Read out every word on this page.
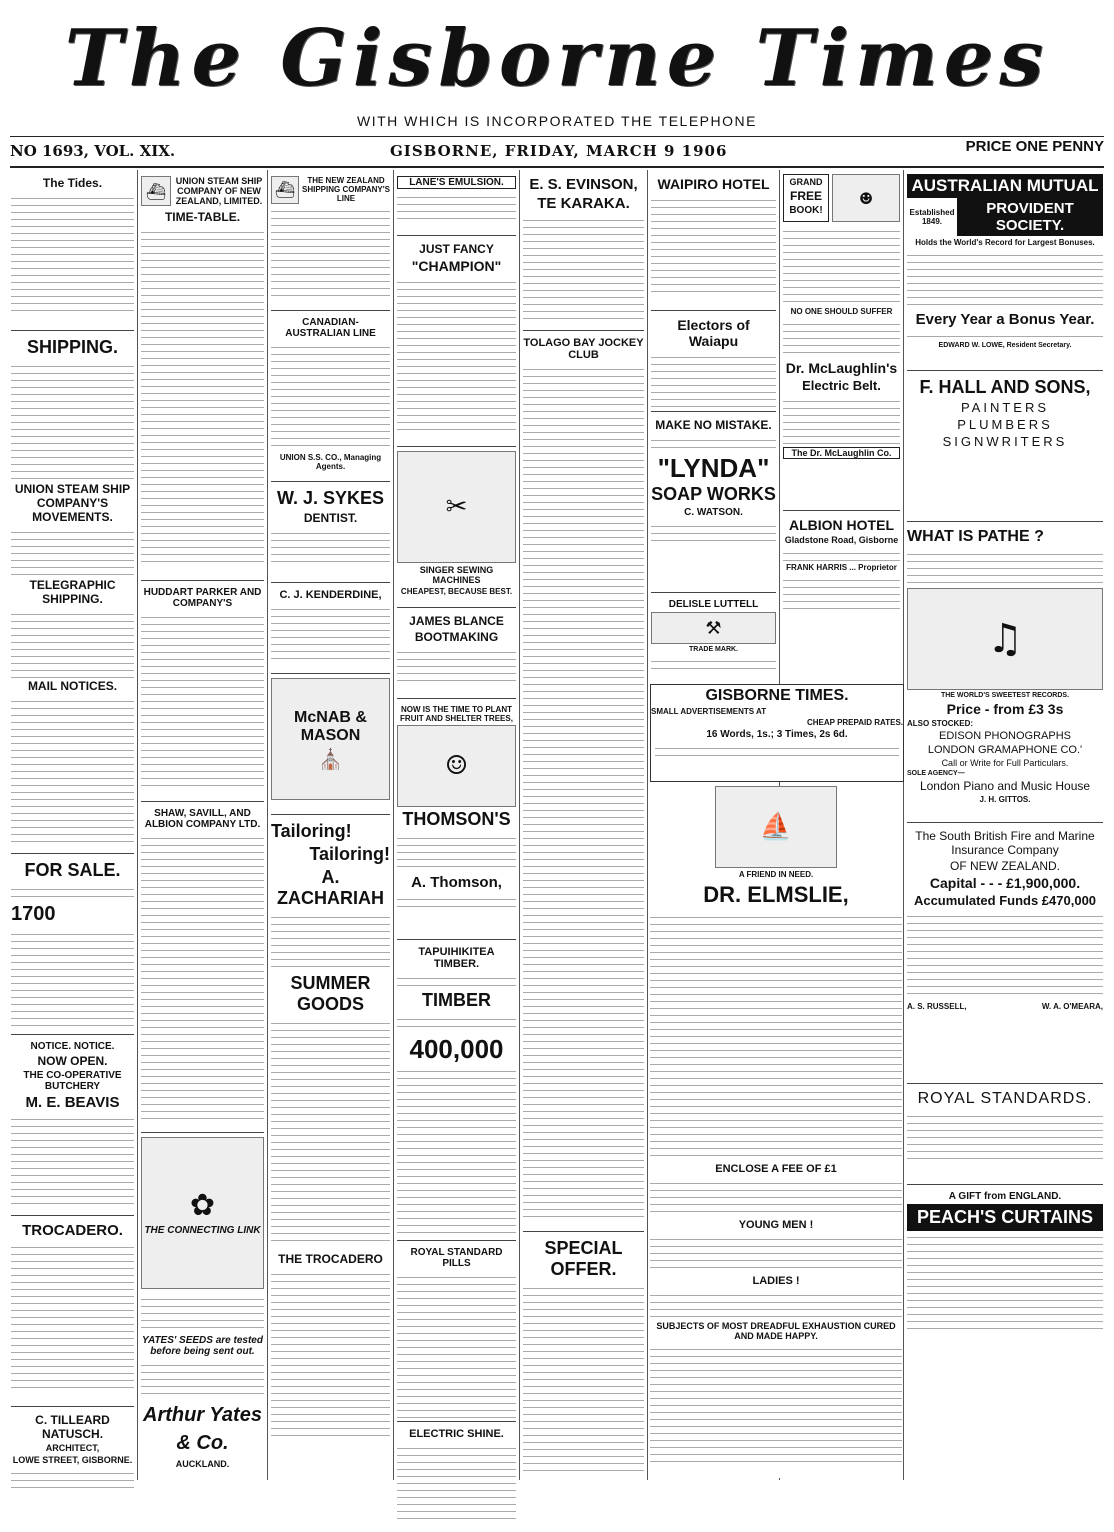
The Gisborne Times
WITH WHICH IS INCORPORATED THE TELEPHONE
NO 1693, VOL. XIX.	GISBORNE, FRIDAY, MARCH 9 1906	PRICE ONE PENNY
The Tides.
SHIPPING.
UNION STEAM SHIP COMPANY'S MOVEMENTS.
TELEGRAPHIC SHIPPING.
MAIL NOTICES.
FOR SALE.
1700
NOTICE. NOTICE.
NOW OPEN.
THE CO-OPERATIVE BUTCHERY
M. E. BEAVIS
TROCADERO.
C. TILLEARD NATUSCH.
ARCHITECT,
LOWE STREET, GISBORNE.
⛴
UNION STEAM SHIP COMPANY OF NEW ZEALAND, LIMITED.
TIME-TABLE.
HUDDART PARKER AND COMPANY'S
SHAW, SAVILL, AND ALBION COMPANY LTD.
✿
THE CONNECTING LINK
YATES' SEEDS are tested before being sent out.
Arthur Yates & Co.
AUCKLAND.
⛴	THE NEW ZEALAND SHIPPING COMPANY'S LINE
CANADIAN-AUSTRALIAN LINE
UNION S.S. CO., Managing Agents.
W. J. SYKES
DENTIST.
C. J. KENDERDINE,
McNAB & MASON
⛪
Tailoring!
Tailoring!
A. ZACHARIAH
SUMMER GOODS
THE TROCADERO
LANE'S EMULSION.
JUST FANCY
"CHAMPION"
✂
SINGER SEWING MACHINES
CHEAPEST, BECAUSE BEST.
JAMES BLANCE
BOOTMAKING
NOW IS THE TIME TO PLANT FRUIT AND SHELTER TREES,
☺
THOMSON'S
A. Thomson,
TAPUIHIKITEA TIMBER.
TIMBER
400,000
ROYAL STANDARD PILLS
ELECTRIC SHINE.
E. S. EVINSON,
TE KARAKA.
TOLAGO BAY JOCKEY CLUB
SPECIAL OFFER.
WAIPIRO HOTEL
Electors of Waiapu
MAKE NO MISTAKE.
"LYNDA"
SOAP WORKS
C. WATSON.
DELISLE LUTTELL
⚒
TRADE MARK.
GRAND
FREE
BOOK!
☻
NO ONE SHOULD SUFFER
Dr. McLaughlin's
Electric Belt.
The Dr. McLaughlin Co.
ALBION HOTEL
Gladstone Road, Gisborne
FRANK HARRIS ... Proprietor
GISBORNE TIMES.
SMALL ADVERTISEMENTS AT
CHEAP PREPAID RATES.
16 Words, 1s.; 3 Times, 2s 6d.
⛵
A FRIEND IN NEED.
DR. ELMSLIE,
ENCLOSE A FEE OF £1
YOUNG MEN !
LADIES !
SUBJECTS OF MOST DREADFUL EXHAUSTION CURED AND MADE HAPPY.
AUSTRALIAN MUTUAL
Established 1849.
PROVIDENT SOCIETY.
Holds the World's Record for Largest Bonuses.
Every Year a Bonus Year.
EDWARD W. LOWE, Resident Secretary.
F. HALL AND SONS,
PAINTERS
PLUMBERS
SIGNWRITERS
WHAT IS PATHE ?
♫
THE WORLD'S SWEETEST RECORDS.
Price - from £3 3s
ALSO STOCKED:
EDISON PHONOGRAPHS
LONDON GRAMAPHONE CO.'
Call or Write for Full Particulars.
SOLE AGENCY—
London Piano and Music House
J. H. GITTOS.
The South British Fire and Marine Insurance Company
OF NEW ZEALAND.
Capital - - - £1,900,000.
Accumulated Funds £470,000
A. S. RUSSELL,	W. A. O'MEARA,
ROYAL STANDARDS.
A GIFT from ENGLAND.
PEACH'S CURTAINS
